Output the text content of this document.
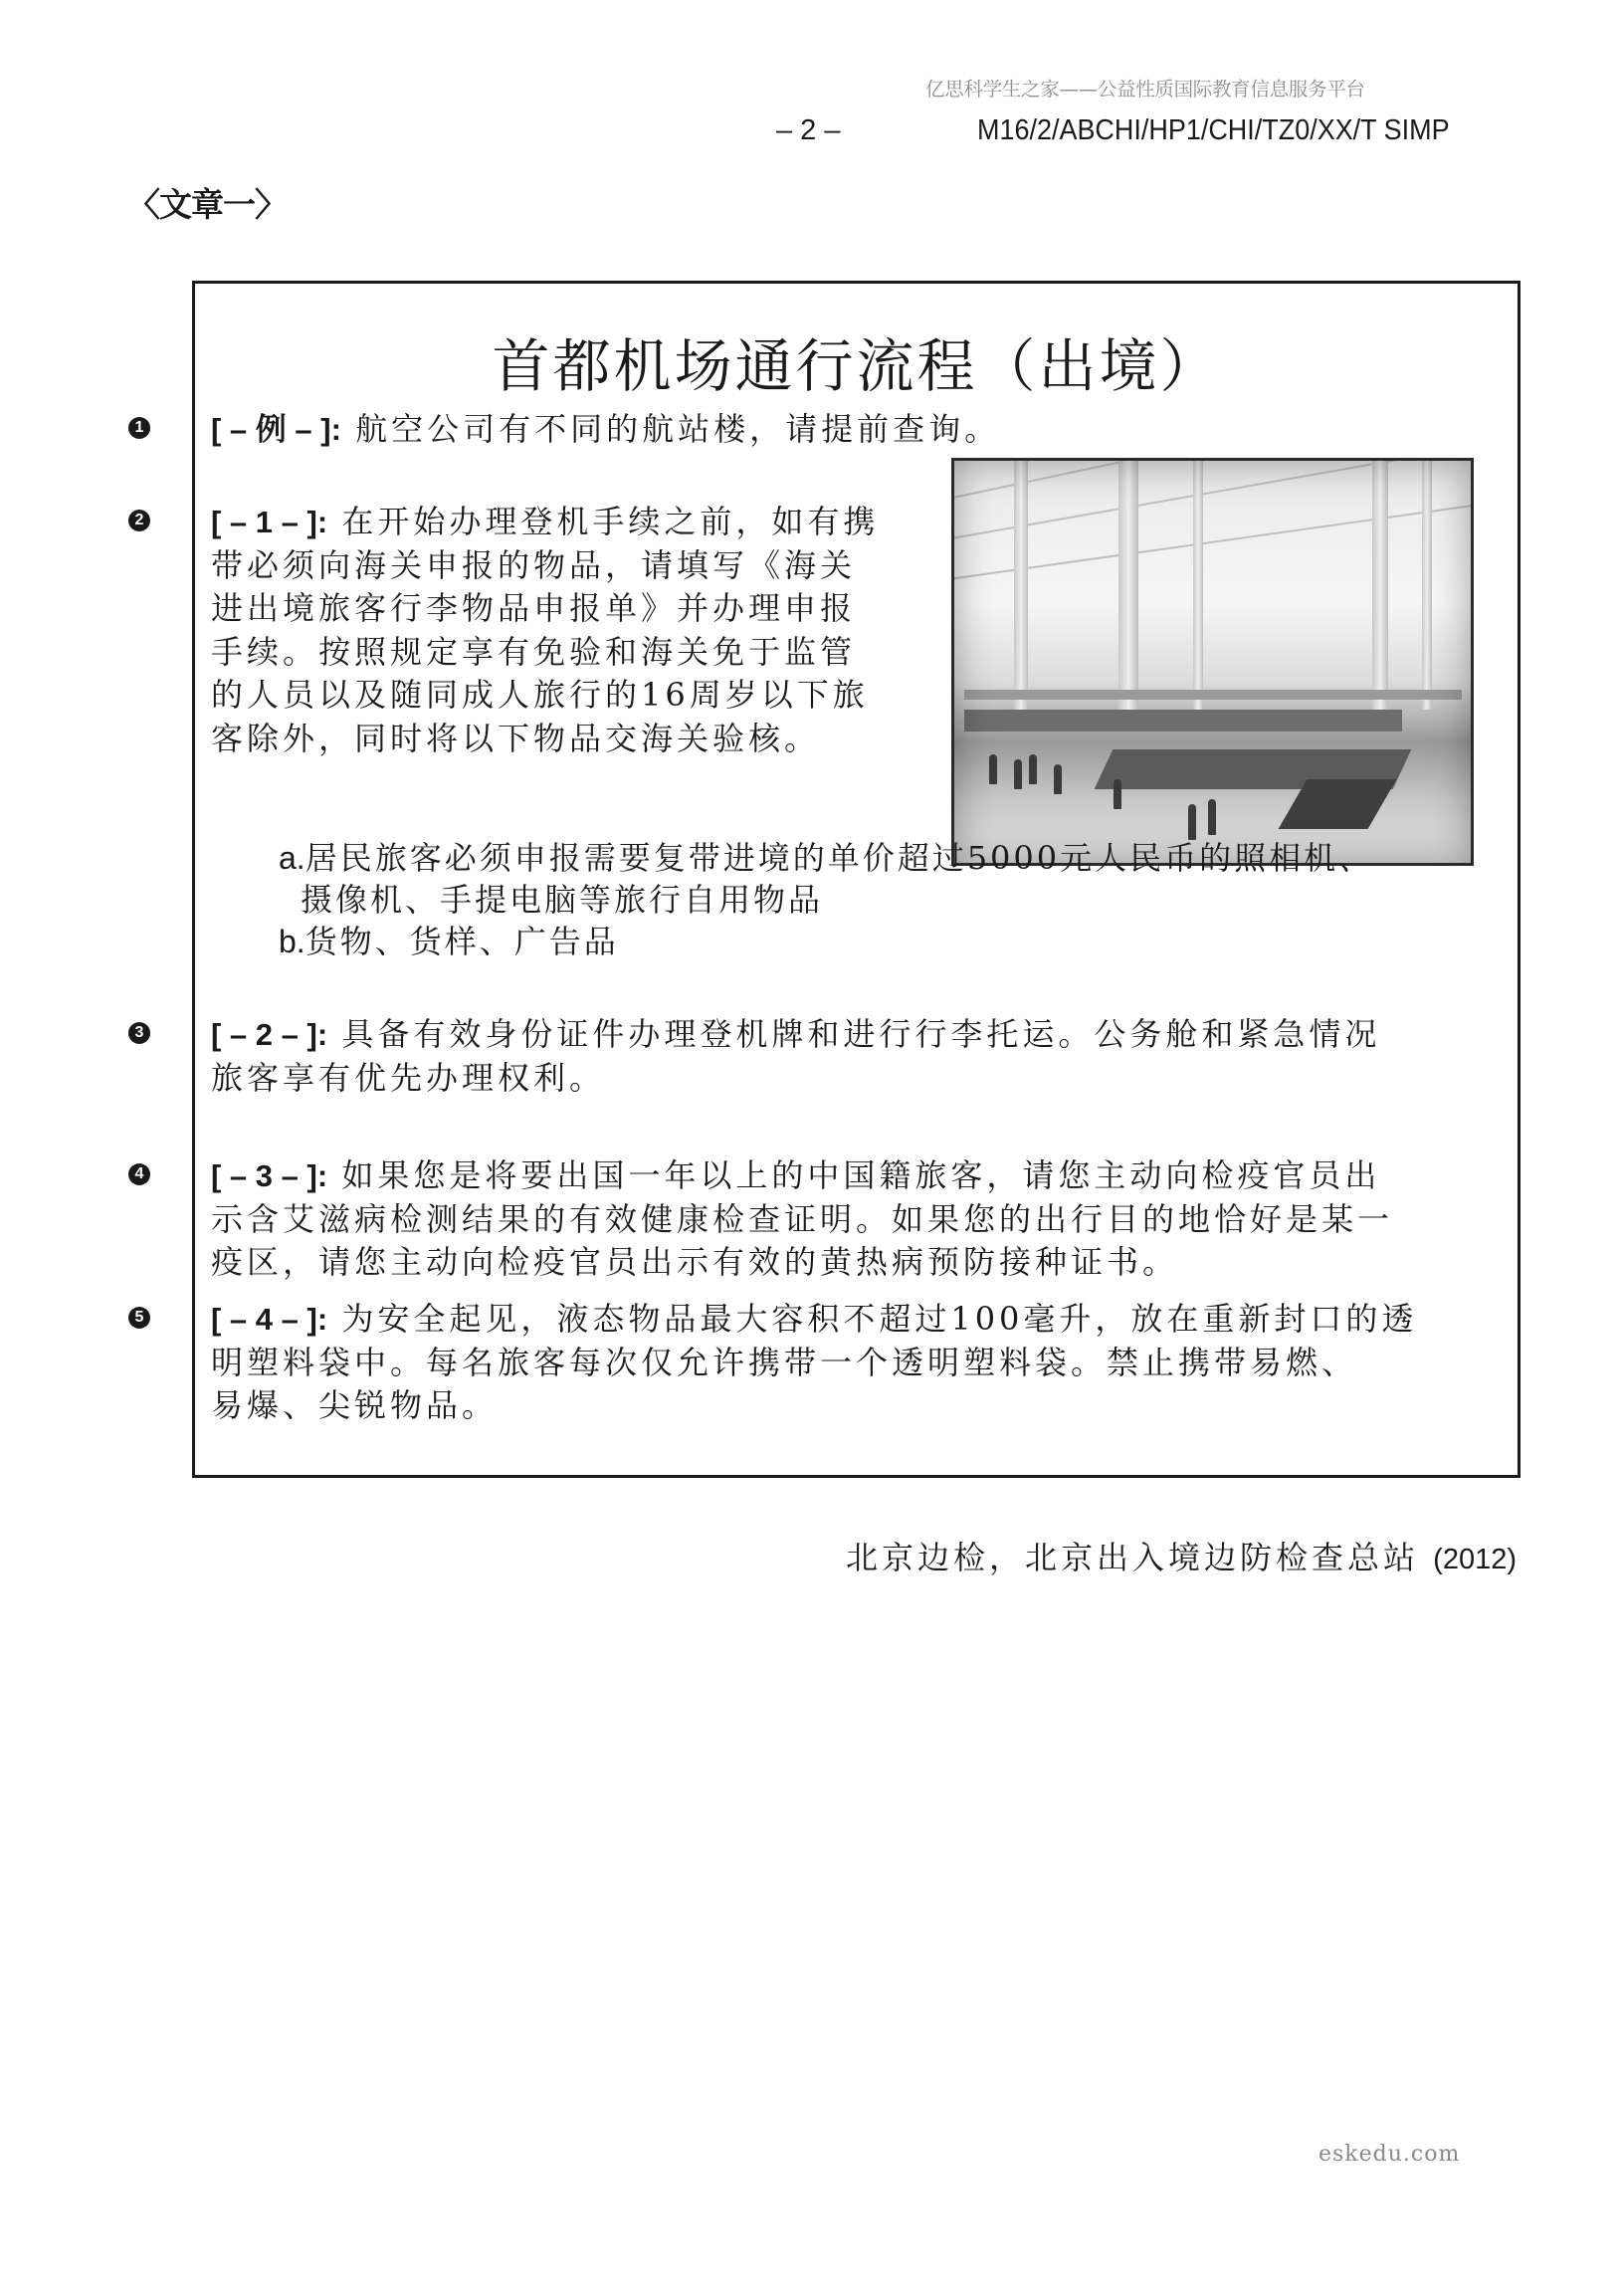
亿思科学生之家——公益性质国际教育信息服务平台
– 2 –	M16/2/ABCHI/HP1/CHI/TZ0/XX/T SIMP
〈文章一〉
1
2
3
4
5
首都机场通行流程（出境）
[ – 例 – ]: 航空公司有不同的航站楼，请提前查询。
[ – 1 – ]: 在开始办理登机手续之前，如有携
带必须向海关申报的物品，请填写《海关
进出境旅客行李物品申报单》并办理申报
手续。按照规定享有免验和海关免于监管
的人员以及随同成人旅行的16周岁以下旅
客除外，同时将以下物品交海关验核。
a.居民旅客必须申报需要复带进境的单价超过5000元人民币的照相机、
摄像机、手提电脑等旅行自用物品
b.货物、货样、广告品
[ – 2 – ]: 具备有效身份证件办理登机牌和进行行李托运。公务舱和紧急情况
旅客享有优先办理权利。
[ – 3 – ]: 如果您是将要出国一年以上的中国籍旅客，请您主动向检疫官员出
示含艾滋病检测结果的有效健康检查证明。如果您的出行目的地恰好是某一
疫区，请您主动向检疫官员出示有效的黄热病预防接种证书。
[ – 4 – ]: 为安全起见，液态物品最大容积不超过100毫升，放在重新封口的透
明塑料袋中。每名旅客每次仅允许携带一个透明塑料袋。禁止携带易燃、
易爆、尖锐物品。
北京边检，北京出入境边防检查总站 (2012)
eskedu.com
